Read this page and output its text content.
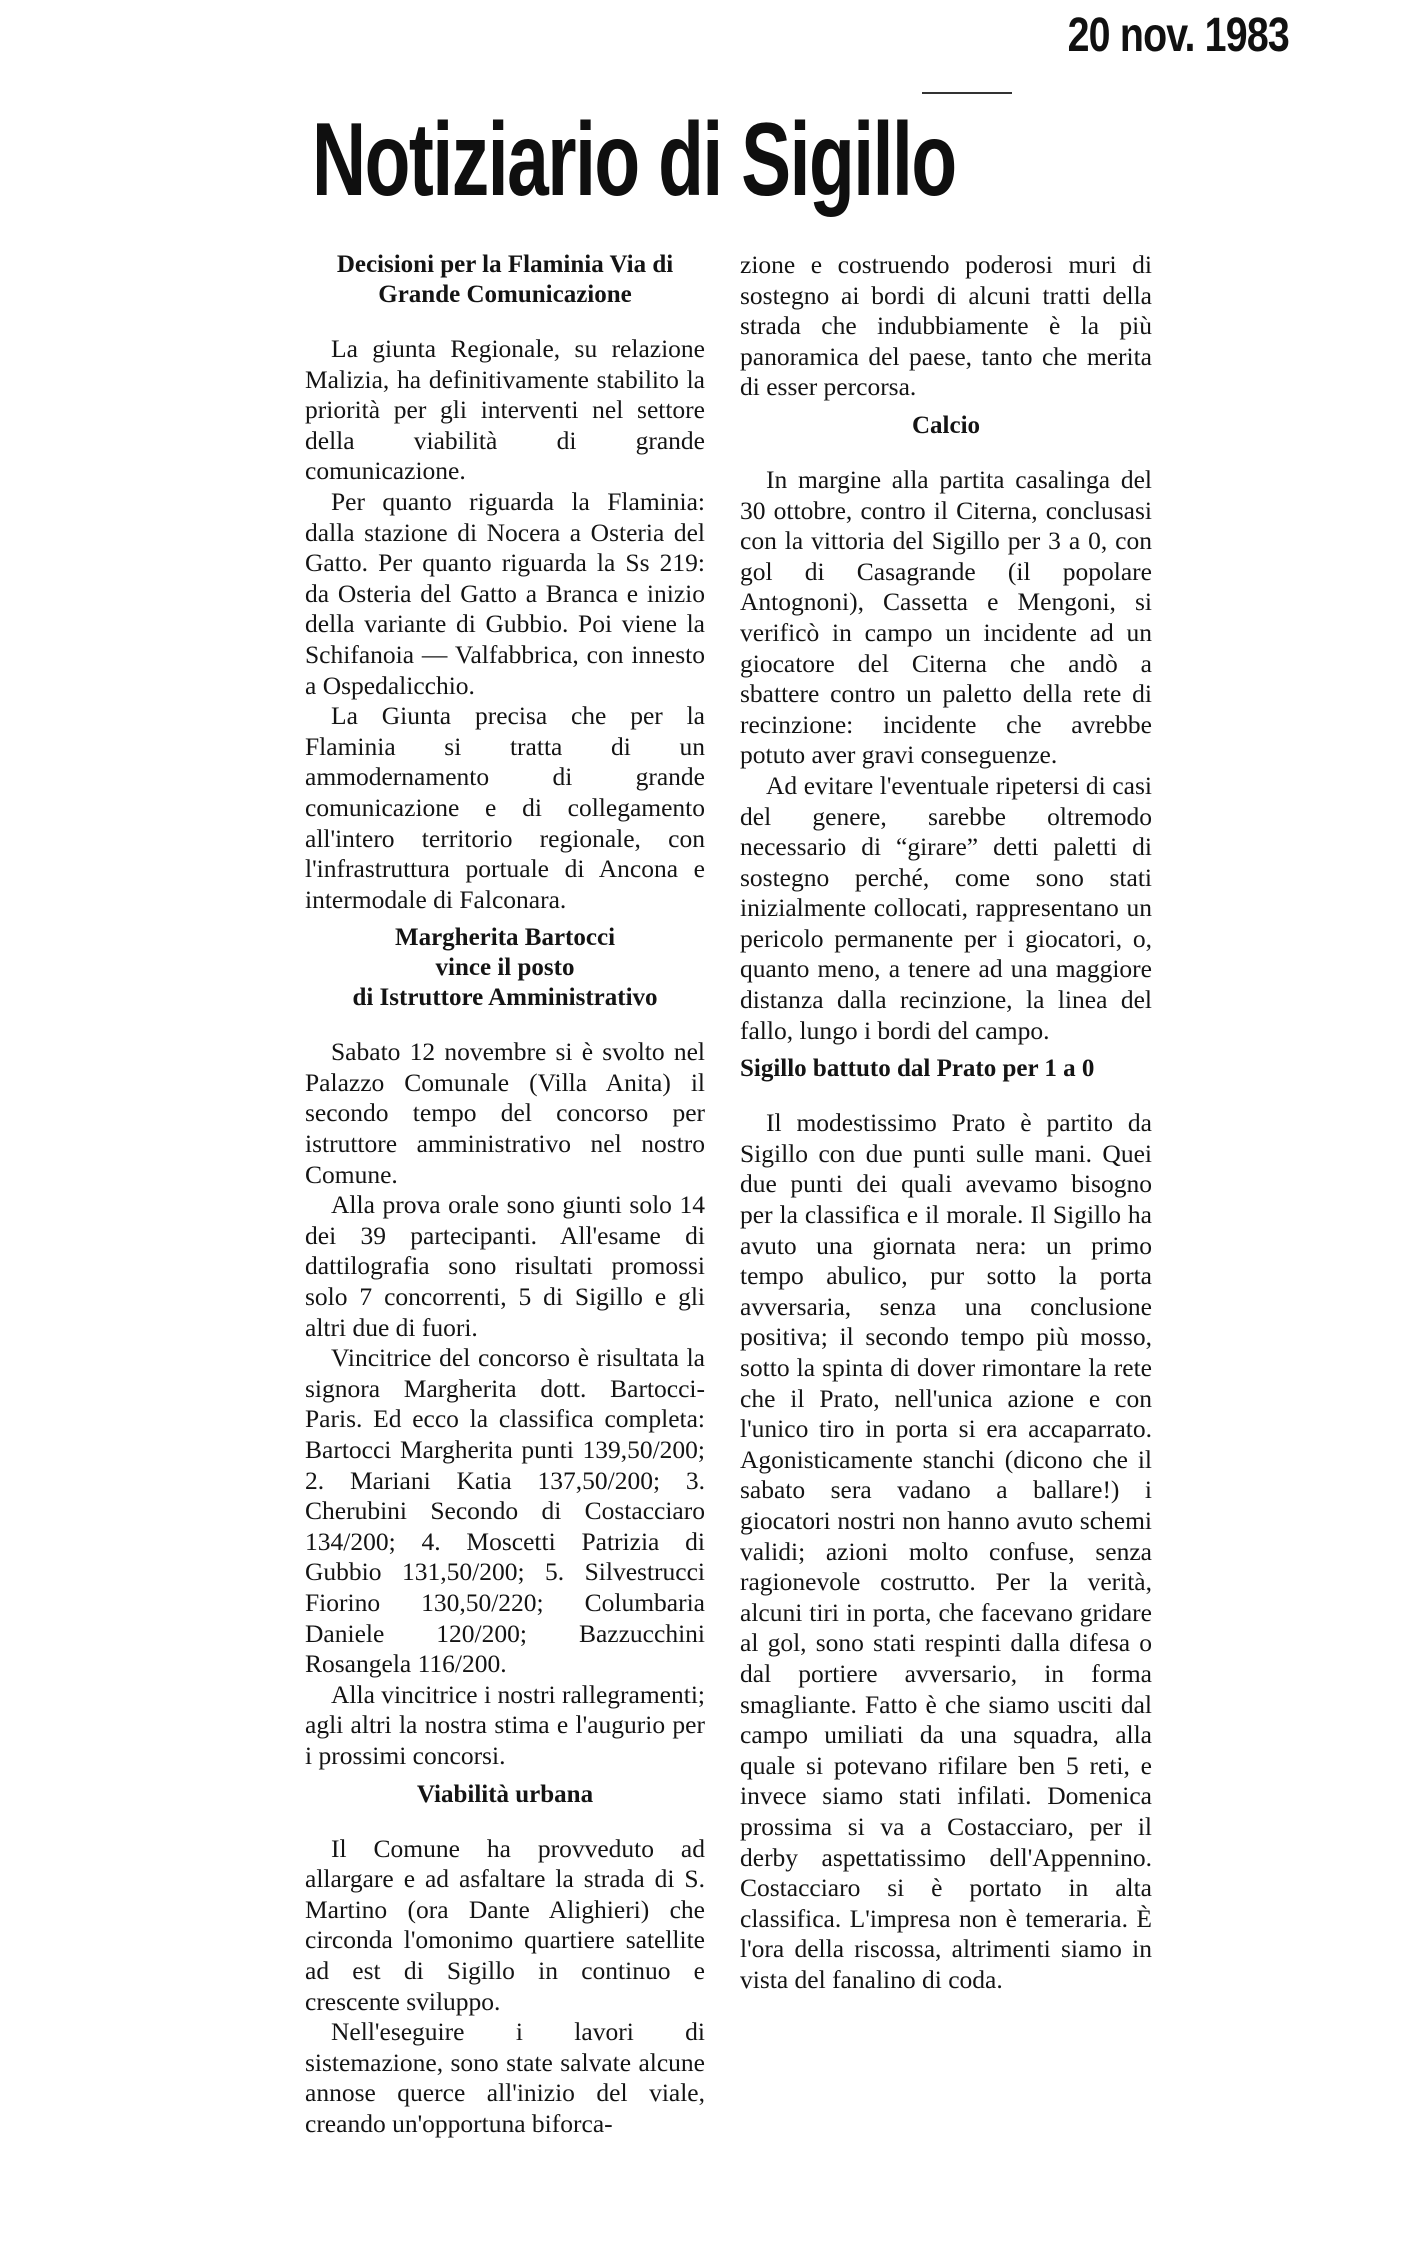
20 nov. 1983
Notiziario di Sigillo
Decisioni per la Flaminia Via di
Grande Comunicazione

La giunta Regionale, su relazione Malizia, ha definitivamente stabilito la priorità per gli interventi nel settore della viabilità di grande comunicazione.

Per quanto riguarda la Flaminia: dalla stazione di Nocera a Osteria del Gatto. Per quanto riguarda la Ss 219: da Osteria del Gatto a Branca e inizio della variante di Gubbio. Poi viene la Schifanoia — Valfabbrica, con innesto a Ospedalicchio.

La Giunta precisa che per la Flaminia si tratta di un ammodernamento di grande comunicazione e di collegamento all'intero territorio regionale, con l'infrastruttura portuale di Ancona e intermodale di Falconara.

Margherita Bartocci
vince il posto
di Istruttore Amministrativo

Sabato 12 novembre si è svolto nel Palazzo Comunale (Villa Anita) il secondo tempo del concorso per istruttore amministrativo nel nostro Comune.

Alla prova orale sono giunti solo 14 dei 39 partecipanti. All'esame di dattilografia sono risultati promossi solo 7 concorrenti, 5 di Sigillo e gli altri due di fuori.

Vincitrice del concorso è risultata la signora Margherita dott. Bartocci-Paris. Ed ecco la classifica completa: Bartocci Margherita punti 139,50/200; 2. Mariani Katia 137,50/200; 3. Cherubini Secondo di Costacciaro 134/200; 4. Moscetti Patrizia di Gubbio 131,50/200; 5. Silvestrucci Fiorino 130,50/220; Columbaria Daniele 120/200; Bazzucchini Rosangela 116/200.

Alla vincitrice i nostri rallegramenti; agli altri la nostra stima e l'augurio per i prossimi concorsi.

Viabilità urbana

Il Comune ha provveduto ad allargare e ad asfaltare la strada di S. Martino (ora Dante Alighieri) che circonda l'omonimo quartiere satellite ad est di Sigillo in continuo e crescente sviluppo.

Nell'eseguire i lavori di sistemazione, sono state salvate alcune annose querce all'inizio del viale, creando un'opportuna biforca-

zione e costruendo poderosi muri di sostegno ai bordi di alcuni tratti della strada che indubbiamente è la più panoramica del paese, tanto che merita di esser percorsa.

Calcio

In margine alla partita casalinga del 30 ottobre, contro il Citerna, conclusasi con la vittoria del Sigillo per 3 a 0, con gol di Casagrande (il popolare Antognoni), Cassetta e Mengoni, si verificò in campo un incidente ad un giocatore del Citerna che andò a sbattere contro un paletto della rete di recinzione: incidente che avrebbe potuto aver gravi conseguenze.

Ad evitare l'eventuale ripetersi di casi del genere, sarebbe oltremodo necessario di “girare” detti paletti di sostegno perché, come sono stati inizialmente collocati, rappresentano un pericolo permanente per i giocatori, o, quanto meno, a tenere ad una maggiore distanza dalla recinzione, la linea del fallo, lungo i bordi del campo.

Sigillo battuto dal Prato per 1 a 0

Il modestissimo Prato è partito da Sigillo con due punti sulle mani. Quei due punti dei quali avevamo bisogno per la classifica e il morale. Il Sigillo ha avuto una giornata nera: un primo tempo abulico, pur sotto la porta avversaria, senza una conclusione positiva; il secondo tempo più mosso, sotto la spinta di dover rimontare la rete che il Prato, nell'unica azione e con l'unico tiro in porta si era accaparrato. Agonisticamente stanchi (dicono che il sabato sera vadano a ballare!) i giocatori nostri non hanno avuto schemi validi; azioni molto confuse, senza ragionevole costrutto. Per la verità, alcuni tiri in porta, che facevano gridare al gol, sono stati respinti dalla difesa o dal portiere avversario, in forma smagliante. Fatto è che siamo usciti dal campo umiliati da una squadra, alla quale si potevano rifilare ben 5 reti, e invece siamo stati infilati. Domenica prossima si va a Costacciaro, per il derby aspettatissimo dell'Appennino. Costacciaro si è portato in alta classifica. L'impresa non è temeraria. È l'ora della riscossa, altrimenti siamo in vista del fanalino di coda.
